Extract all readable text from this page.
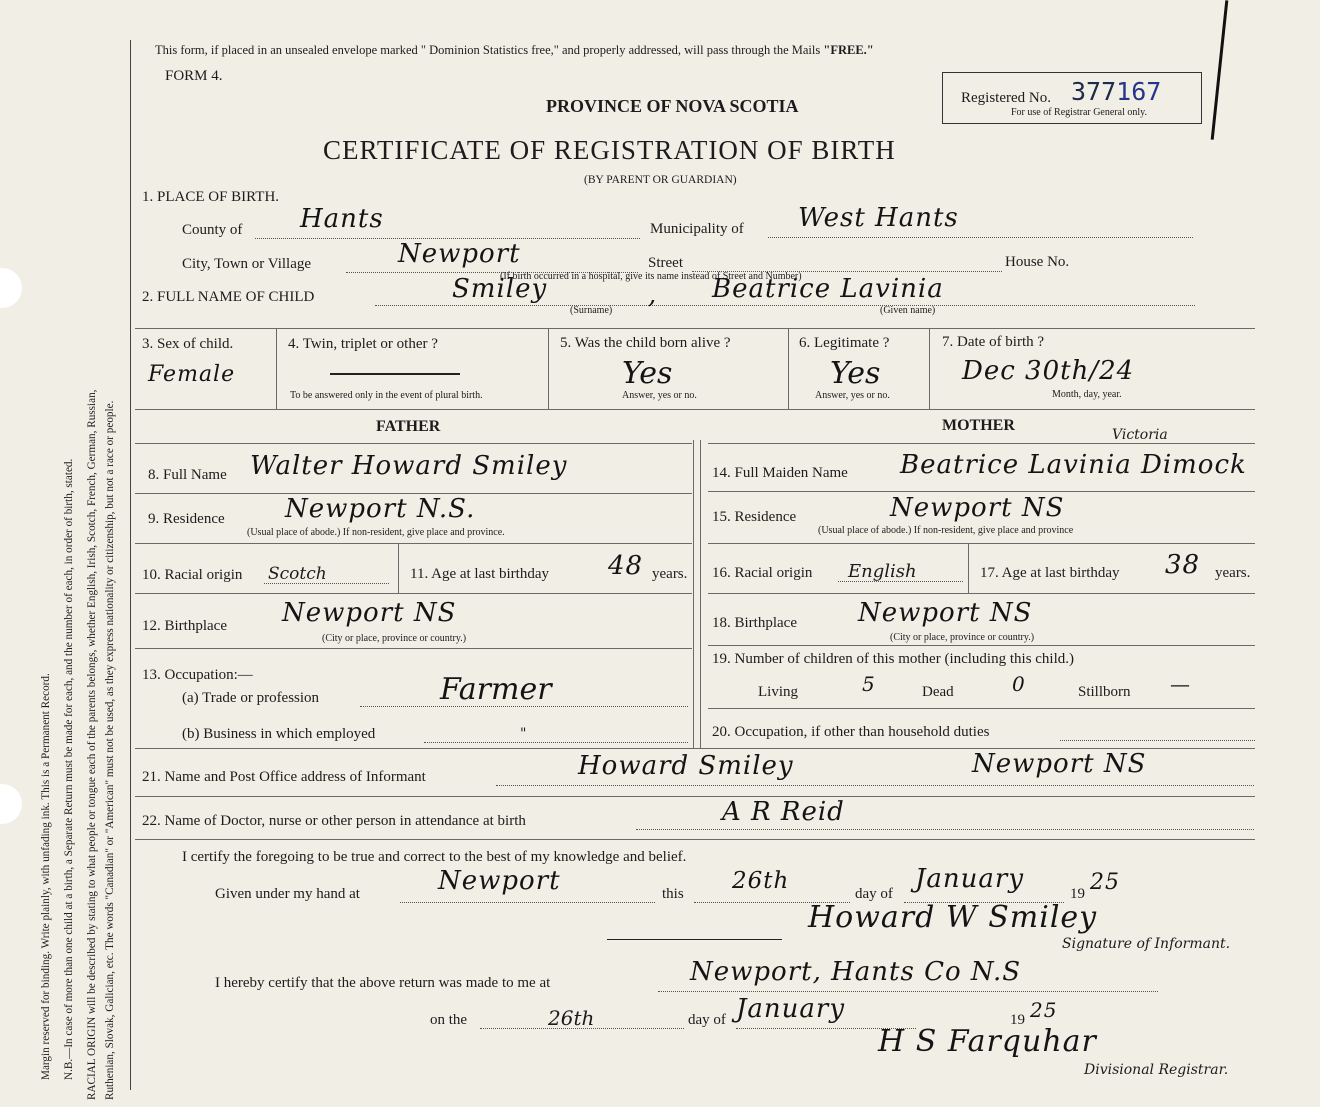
Margin reserved for binding. Write plainly, with unfading ink. This is a Permanent Record. N.B.—In case of more than one child at a birth, a Separate Return must be made for each, and the number of each, in order of birth, stated. RACIAL ORIGIN will be described by stating to what people or tongue each of the parents belongs, whether English, Irish, Scotch, French, German, Russian, Ruthenian, Slovak, Galician, etc. The words "Canadian" or "American" must not be used, as they express nationality or citizenship, but not a race or people.
This form, if placed in an unsealed envelope marked " Dominion Statistics free," and properly addressed, will pass through the Mails "FREE."
FORM 4.
PROVINCE OF NOVA SCOTIA
CERTIFICATE OF REGISTRATION OF BIRTH
(BY PARENT OR GUARDIAN)
Registered No. 377167
For use of Registrar General only.
1. PLACE OF BIRTH.
County of Hants	Municipality of West Hants
City, Town or Village	Newport	Street	House No.
(If birth occurred in a hospital, give its name instead of Street and Number)
2. FULL NAME OF CHILD	Smiley	, Beatrice Lavinia
(Surname)	(Given name)
3. Sex of child.
Female
4. Twin, triplet or other ?
To be answered only in the event of plural birth.
5. Was the child born alive ?
Yes
Answer, yes or no.
6. Legitimate ?
Yes
Answer, yes or no.
7. Date of birth ?
Dec 30th/24
Month, day, year.
FATHER	MOTHER
8. Full Name Walter Howard Smiley	14. Full Maiden Name Beatrice Lavinia Dimock
Victoria
9. Residence Newport N.S.
(Usual place of abode.) If non-resident, give place and province.
15. Residence	Newport NS
(Usual place of abode.) If non-resident, give place and province
10. Racial origin Scotch	11. Age at last birthday 48 years. 16. Racial origin English	17. Age at last birthday 38 years.
12. Birthplace Newport NS
(City or place, province or country.)
18. Birthplace Newport NS
(City or place, province or country.)
13. Occupation:—
(a) Trade or profession	Farmer
(b) Business in which employed	"
19. Number of children of this mother (including this child.)
Living	5	Dead	0	Stillborn —
20. Occupation, if other than household duties
21. Name and Post Office address of Informant	Howard Smiley	Newport NS
22. Name of Doctor, nurse or other person in attendance at birth	A R Reid
I certify the foregoing to be true and correct to the best of my knowledge and belief.
Given under my hand at	Newport	this 26th	day of January	19 25
Howard W Smiley
Signature of Informant.
I hereby certify that the above return was made to me at	Newport, Hants Co N.S
on the	26th	day of January	19 25
H S Farquhar
Divisional Registrar.
